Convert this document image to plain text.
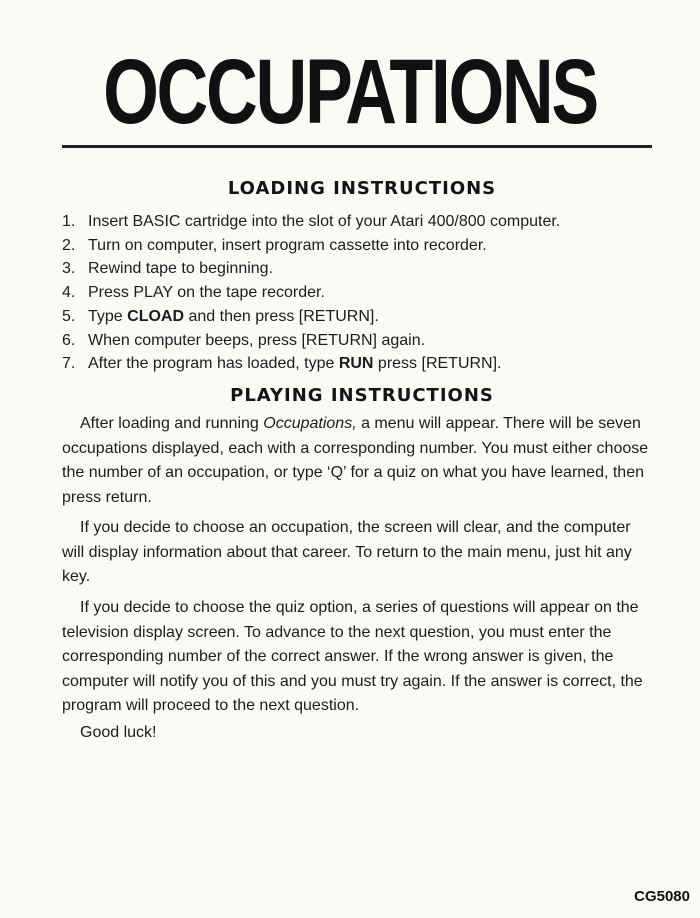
OCCUPATIONS
LOADING INSTRUCTIONS
1. Insert BASIC cartridge into the slot of your Atari 400/800 computer.
2. Turn on computer, insert program cassette into recorder.
3. Rewind tape to beginning.
4. Press PLAY on the tape recorder.
5. Type CLOAD and then press [RETURN].
6. When computer beeps, press [RETURN] again.
7. After the program has loaded, type RUN press [RETURN].
PLAYING INSTRUCTIONS

After loading and running Occupations, a menu will appear. There will be seven occupations displayed, each with a corresponding number. You must either choose the number of an occupation, or type ‘Q’ for a quiz on what you have learned, then press return.

If you decide to choose an occupation, the screen will clear, and the computer will display information about that career. To return to the main menu, just hit any key.

If you decide to choose the quiz option, a series of questions will appear on the television display screen. To advance to the next question, you must enter the corresponding number of the correct answer. If the wrong answer is given, the computer will notify you of this and you must try again. If the answer is correct, the program will proceed to the next question.

Good luck!

CG5080
